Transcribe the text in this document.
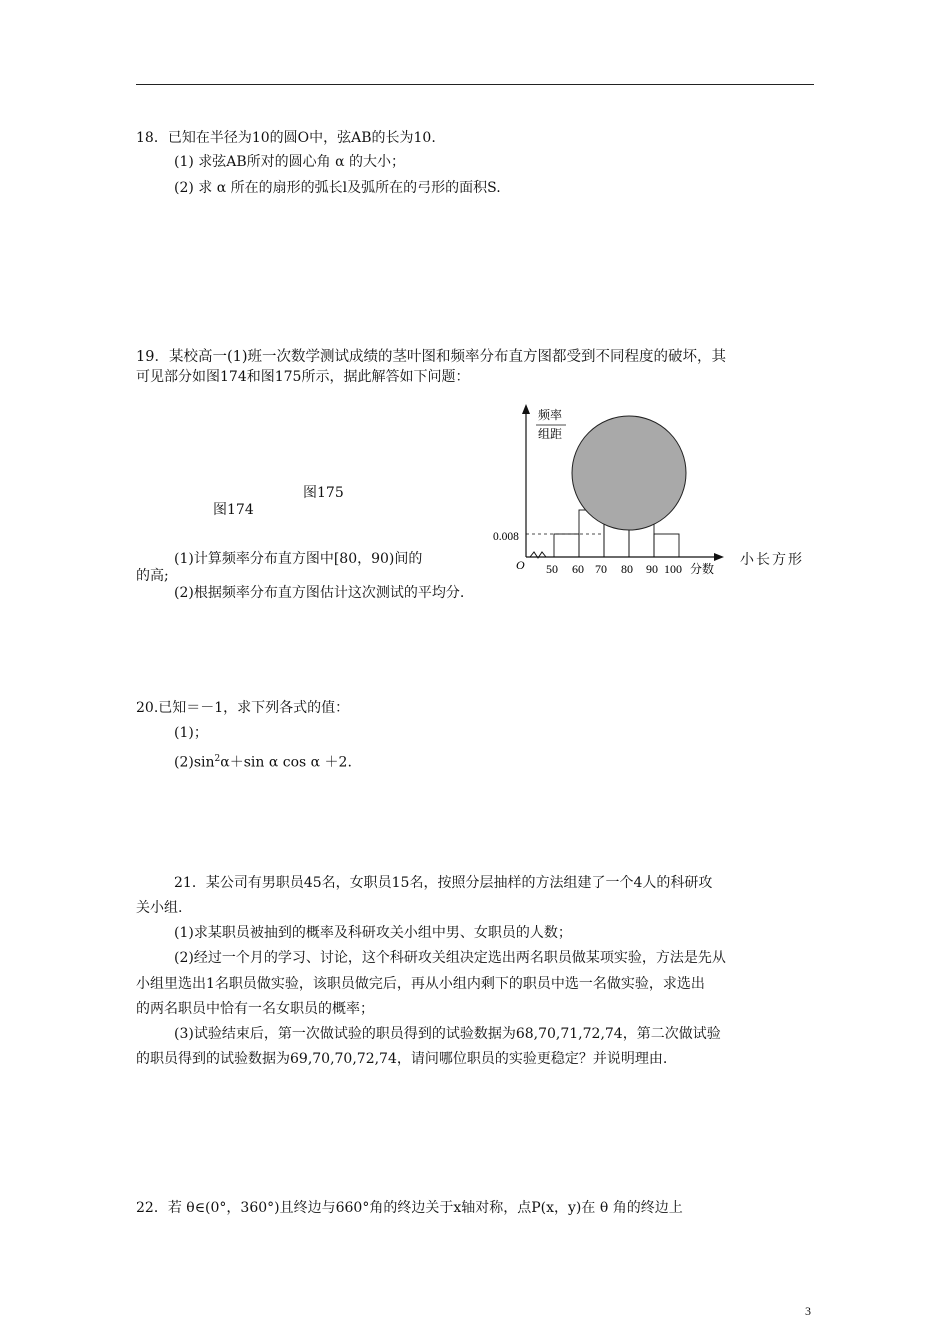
18．已知在半径为10的圆O中，弦AB的长为10.
(1) 求弦AB所对的圆心角 α 的大小；
(2) 求 α 所在的扇形的弧长l及弧所在的弓形的面积S.
19．某校高一(1)班一次数学测试成绩的茎叶图和频率分布直方图都受到不同程度的破坏，其
可见部分如图174和图175所示，据此解答如下问题：
图175
图174
频率
组距
0.008
O 50 60 70 80 90 100 分数
(1)计算频率分布直方图中[80，90)间的	小长方形
的高;
(2)根据频率分布直方图估计这次测试的平均分.
20.已知＝－1，求下列各式的值：
(1)；
$(2)\sin^2\alpha+\sin$ α cos α ＋2.
21．某公司有男职员45名，女职员15名，按照分层抽样的方法组建了一个4人的科研攻
关小组.
(1)求某职员被抽到的概率及科研攻关小组中男、女职员的人数；
(2)经过一个月的学习、讨论，这个科研攻关组决定选出两名职员做某项实验，方法是先从
小组里选出1名职员做实验，该职员做完后，再从小组内剩下的职员中选一名做实验，求选出
的两名职员中恰有一名女职员的概率；
(3)试验结束后，第一次做试验的职员得到的试验数据为68,70,71,72,74，第二次做试验
的职员得到的试验数据为69,70,70,72,74，请问哪位职员的实验更稳定？并说明理由.
22．若 θ∈(0°，360°)且终边与660°角的终边关于x轴对称，点P(x，y)在 θ 角的终边上
3
